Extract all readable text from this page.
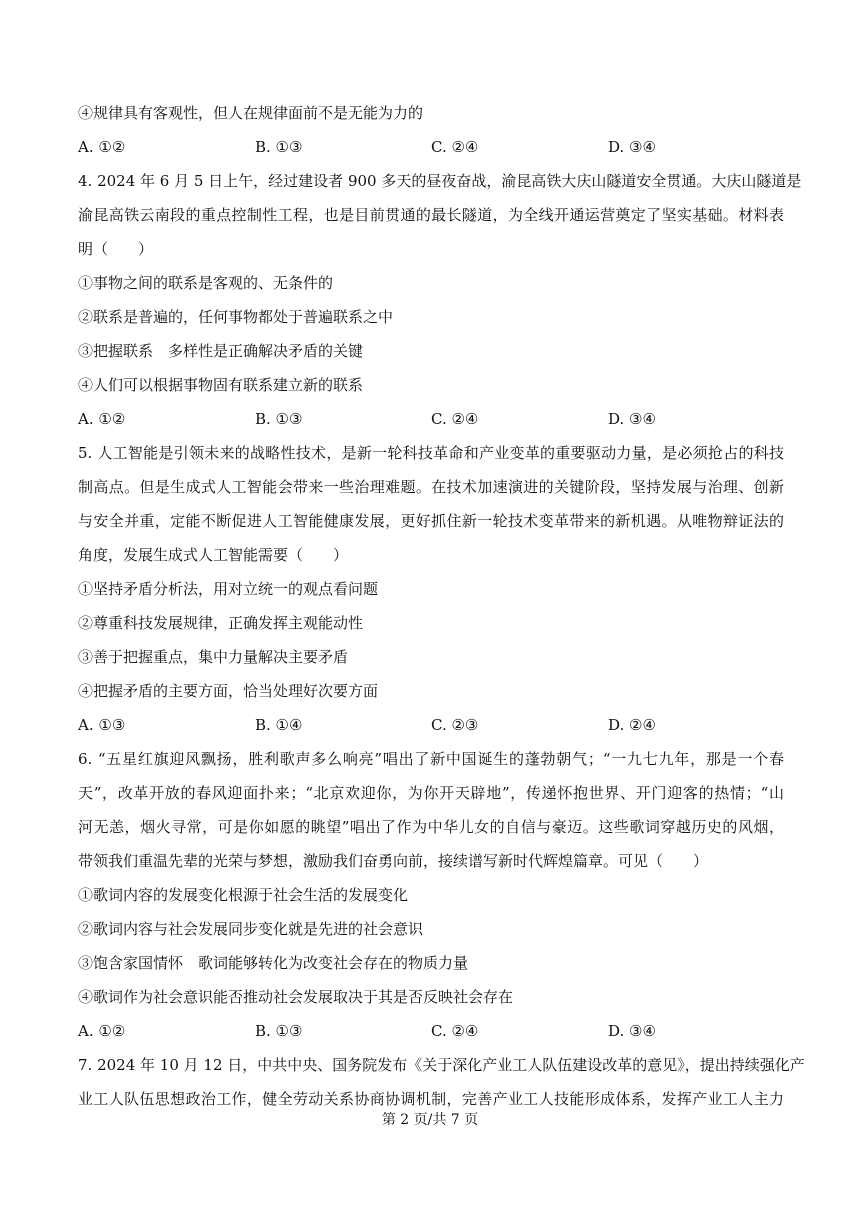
④规律具有客观性，但人在规律面前不是无能为力的
A. ①②	B. ①③	C. ②④	D. ③④
4. 2024 年 6 月 5 日上午，经过建设者 900 多天的昼夜奋战，渝昆高铁大庆山隧道安全贯通。大庆山隧道是
渝昆高铁云南段的重点控制性工程，也是目前贯通的最长隧道，为全线开通运营奠定了坚实基础。材料表
明（　　）
①事物之间的联系是客观的、无条件的
②联系是普遍的，任何事物都处于普遍联系之中
③把握联系　多样性是正确解决矛盾的关键
④人们可以根据事物固有联系建立新的联系
A. ①②	B. ①③	C. ②④	D. ③④
5. 人工智能是引领未来的战略性技术，是新一轮科技革命和产业变革的重要驱动力量，是必须抢占的科技
制高点。但是生成式人工智能会带来一些治理难题。在技术加速演进的关键阶段，坚持发展与治理、创新
与安全并重，定能不断促进人工智能健康发展，更好抓住新一轮技术变革带来的新机遇。从唯物辩证法的
角度，发展生成式人工智能需要（　　）
①坚持矛盾分析法，用对立统一的观点看问题
②尊重科技发展规律，正确发挥主观能动性
③善于把握重点，集中力量解决主要矛盾
④把握矛盾的主要方面，恰当处理好次要方面
A. ①③	B. ①④	C. ②③	D. ②④
6. “五星红旗迎风飘扬，胜利歌声多么响亮”唱出了新中国诞生的蓬勃朝气；“一九七九年，那是一个春
天”，改革开放的春风迎面扑来；“北京欢迎你，为你开天辟地”，传递怀抱世界、开门迎客的热情；“山
河无恙，烟火寻常，可是你如愿的眺望”唱出了作为中华儿女的自信与豪迈。这些歌词穿越历史的风烟，
带领我们重温先辈的光荣与梦想，激励我们奋勇向前，接续谱写新时代辉煌篇章。可见（　　）
①歌词内容的发展变化根源于社会生活的发展变化
②歌词内容与社会发展同步变化就是先进的社会意识
③饱含家国情怀　歌词能够转化为改变社会存在的物质力量
④歌词作为社会意识能否推动社会发展取决于其是否反映社会存在
A. ①②	B. ①③	C. ②④	D. ③④
7. 2024 年 10 月 12 日，中共中央、国务院发布《关于深化产业工人队伍建设改革的意见》，提出持续强化产
业工人队伍思想政治工作，健全劳动关系协商协调机制，完善产业工人技能形成体系，发挥产业工人主力
第 2 页/共 7 页
